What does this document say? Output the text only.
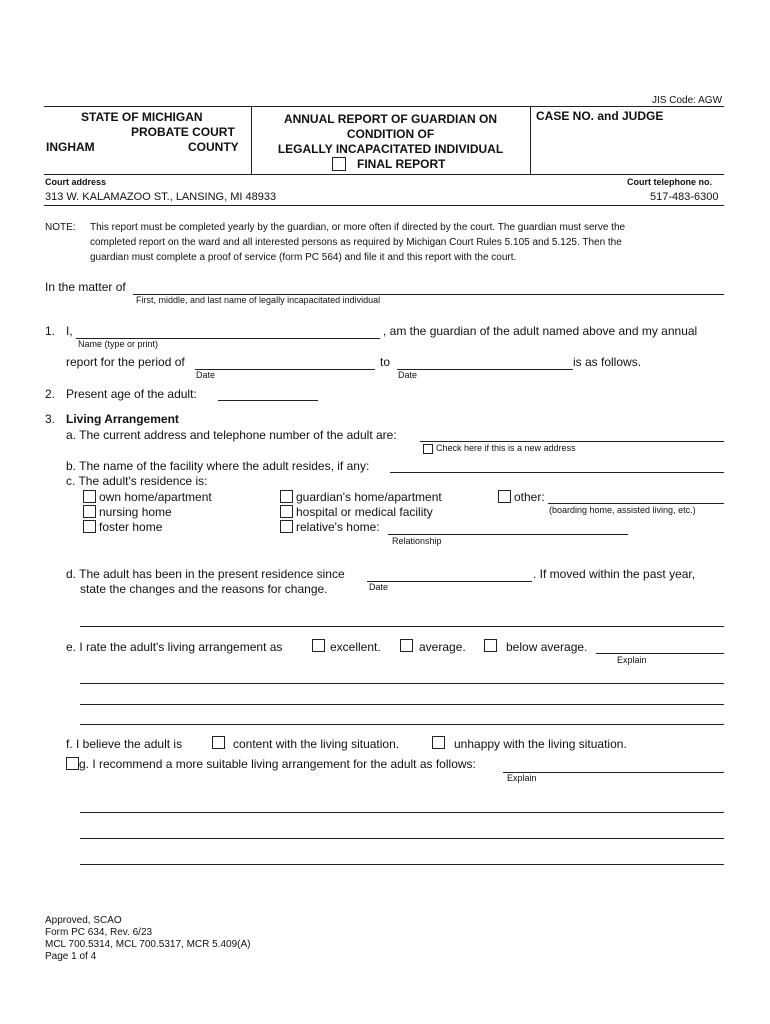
JIS Code: AGW
STATE OF MICHIGAN
PROBATE COURT
INGHAM	COUNTY
ANNUAL REPORT OF GUARDIAN ON
CONDITION OF
LEGALLY INCAPACITATED INDIVIDUAL
FINAL REPORT
CASE NO. and JUDGE
Court address	Court telephone no.
313 W. KALAMAZOO ST., LANSING, MI 48933	517-483-6300
NOTE: This report must be completed yearly by the guardian, or more often if directed by the court. The guardian must serve the
completed report on the ward and all interested persons as required by Michigan Court Rules 5.105 and 5.125. Then the
guardian must complete a proof of service (form PC 564) and file it and this report with the court.
In the matter of
First, middle, and last name of legally incapacitated individual
1. I,	, am the guardian of the adult named above and my annual
Name (type or print)
report for the period of	to	is as follows.
Date	Date
2. Present age of the adult:
3. Living Arrangement
a. The current address and telephone number of the adult are:
Check here if this is a new address
b. The name of the facility where the adult resides, if any:
c. The adult's residence is:
own home/apartment
nursing home
foster home
guardian's home/apartment
hospital or medical facility
relative's home:
Relationship
other:
(boarding home, assisted living, etc.)
d. The adult has been in the present residence since	. If moved within the past year,
state the changes and the reasons for change.	Date
e. I rate the adult's living arrangement as	excellent.	average.	below average.
Explain
f. I believe the adult is	content with the living situation.	unhappy with the living situation.
g. I recommend a more suitable living arrangement for the adult as follows:
Explain
Approved, SCAO
Form PC 634, Rev. 6/23
MCL 700.5314, MCL 700.5317, MCR 5.409(A)
Page 1 of 4
